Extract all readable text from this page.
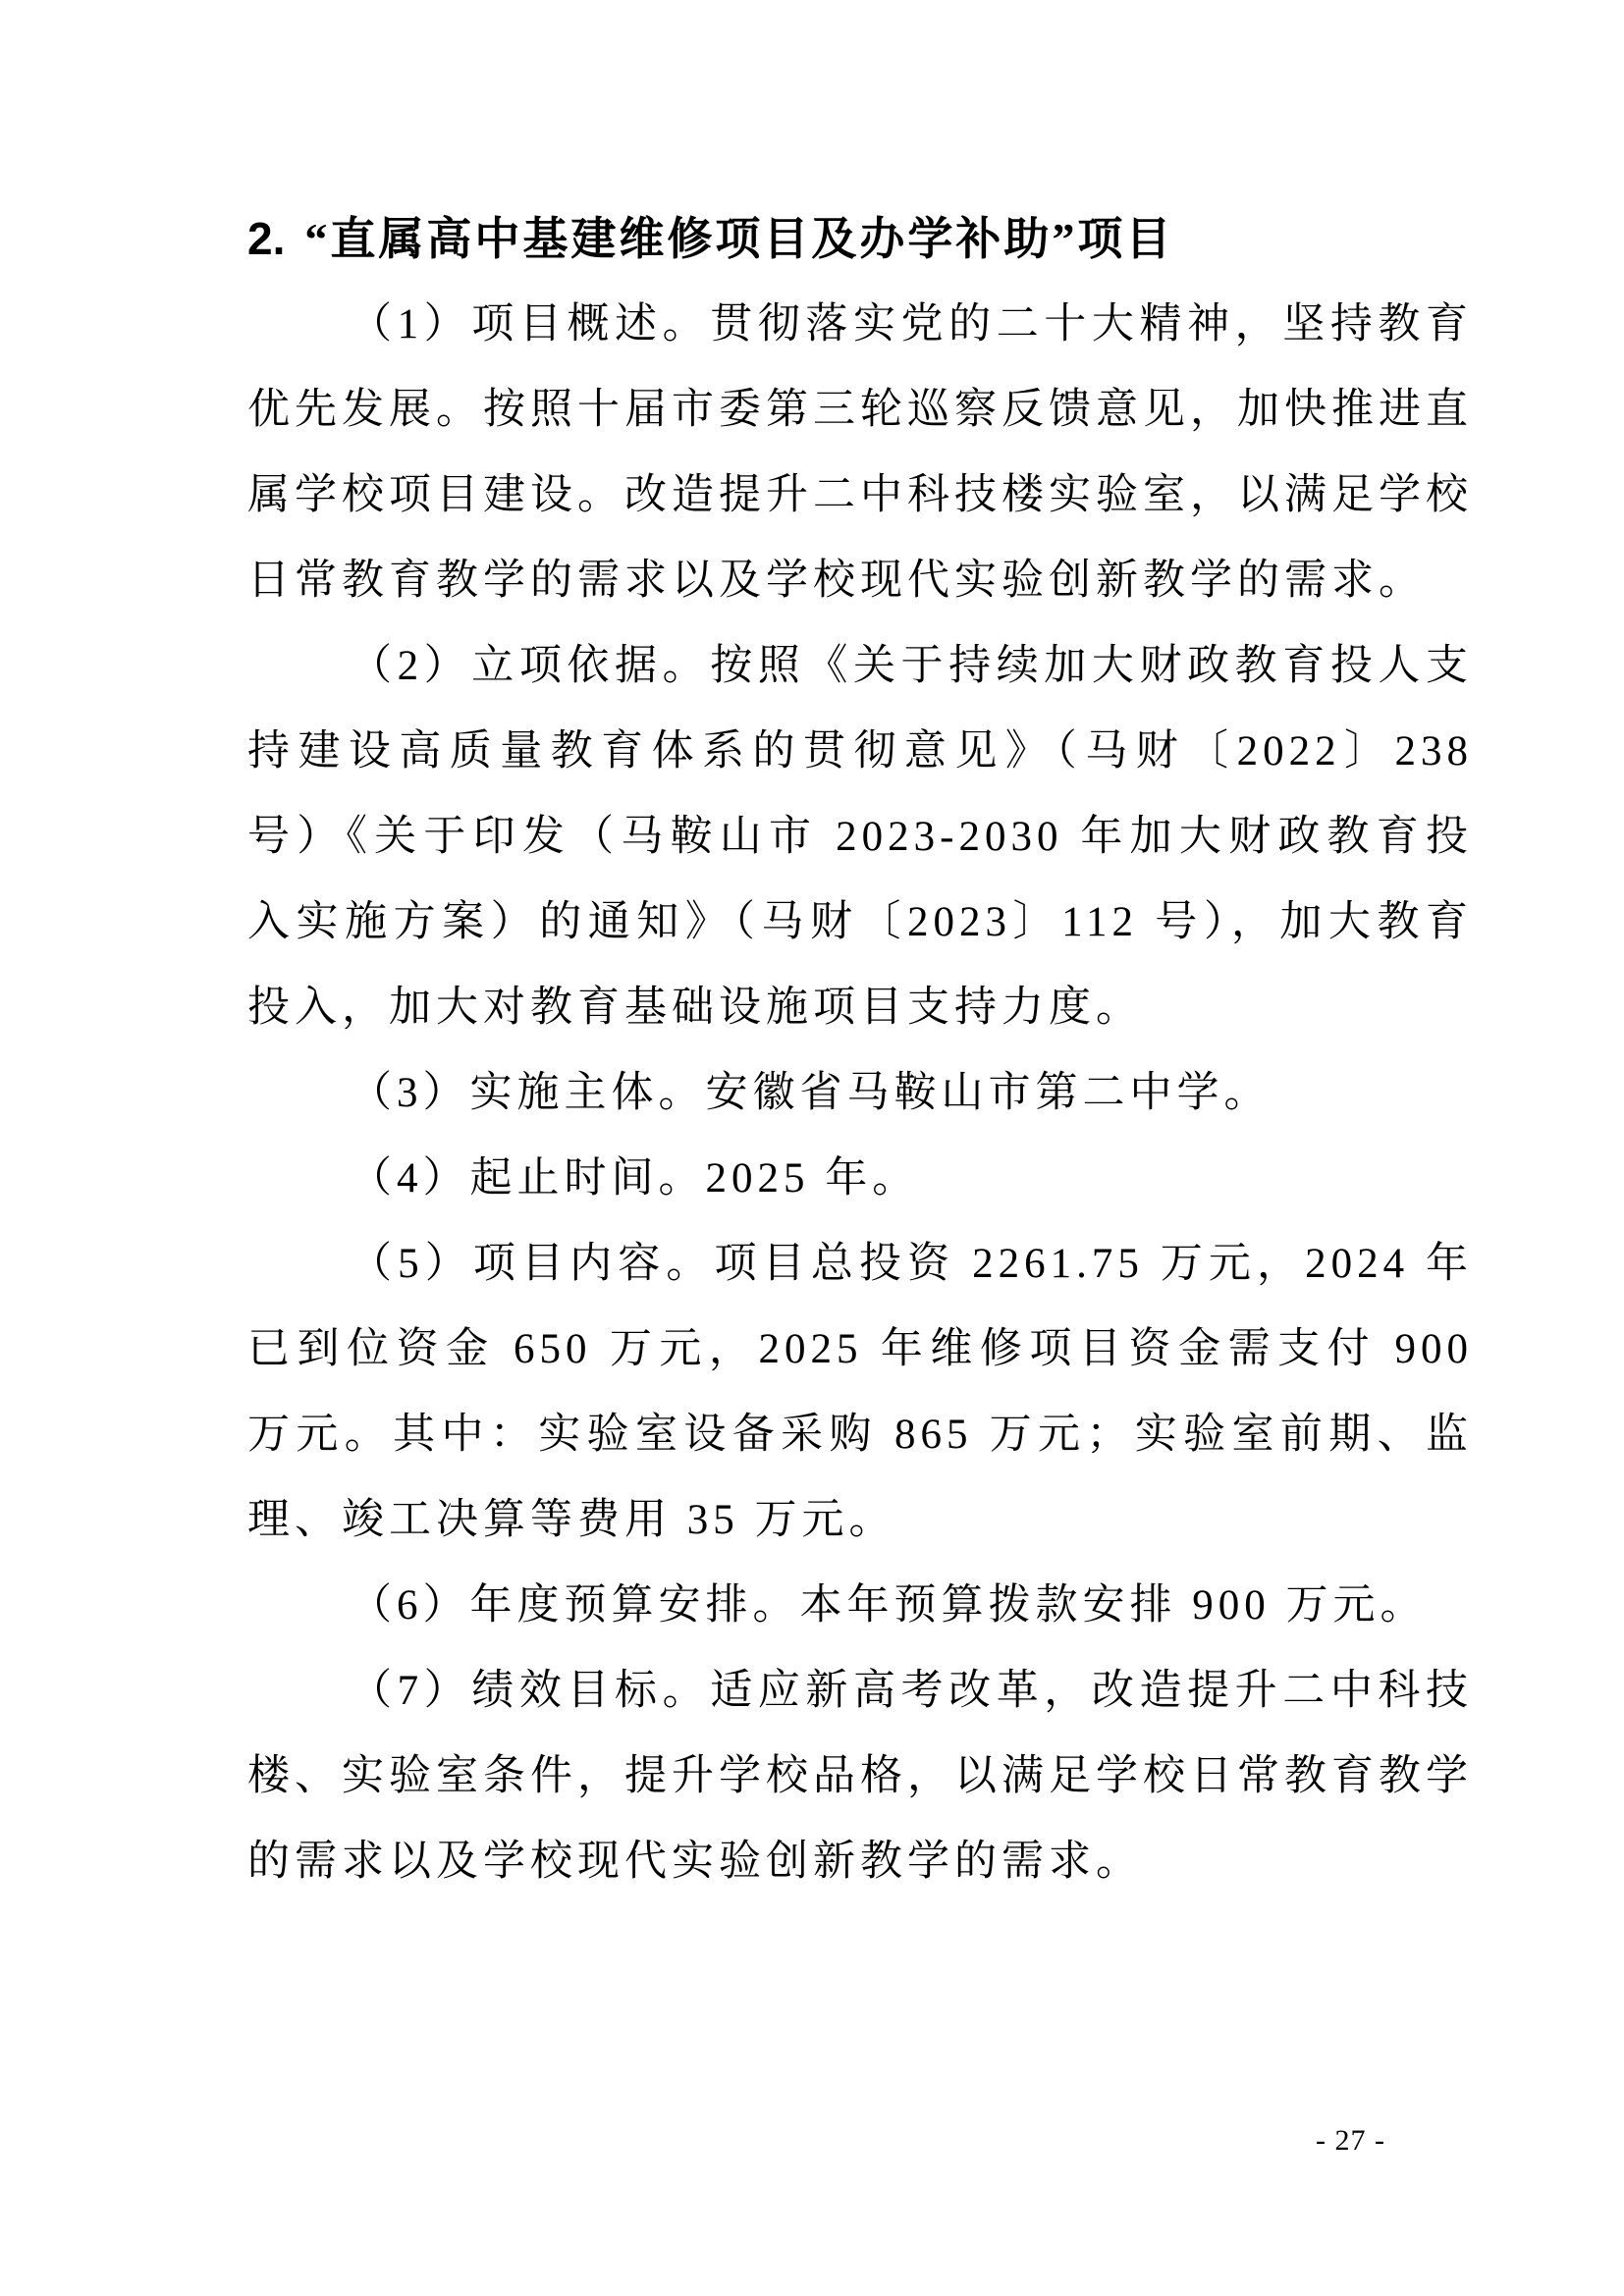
2. “直属高中基建维修项目及办学补助”项目

（1）项目概述。贯彻落实党的二十大精神，坚持教育优先发展。按照十届市委第三轮巡察反馈意见，加快推进直属学校项目建设。改造提升二中科技楼实验室，以满足学校日常教育教学的需求以及学校现代实验创新教学的需求。

（2）立项依据。按照《关于持续加大财政教育投人支持建设高质量教育体系的贯彻意见》（马财〔2022〕238 号）《关于印发（马鞍山市 2023-2030 年加大财政教育投入实施方案）的通知》（马财〔2023〕112 号），加大教育投入，加大对教育基础设施项目支持力度。

（3）实施主体。安徽省马鞍山市第二中学。

（4）起止时间。2025 年。

（5）项目内容。项目总投资 2261.75 万元，2024 年已到位资金 650 万元，2025 年维修项目资金需支付 900 万元。其中：实验室设备采购 865 万元；实验室前期、监理、竣工决算等费用 35 万元。

（6）年度预算安排。本年预算拨款安排 900 万元。

（7）绩效目标。适应新高考改革，改造提升二中科技楼、实验室条件，提升学校品格，以满足学校日常教育教学的需求以及学校现代实验创新教学的需求。

- 27 -
